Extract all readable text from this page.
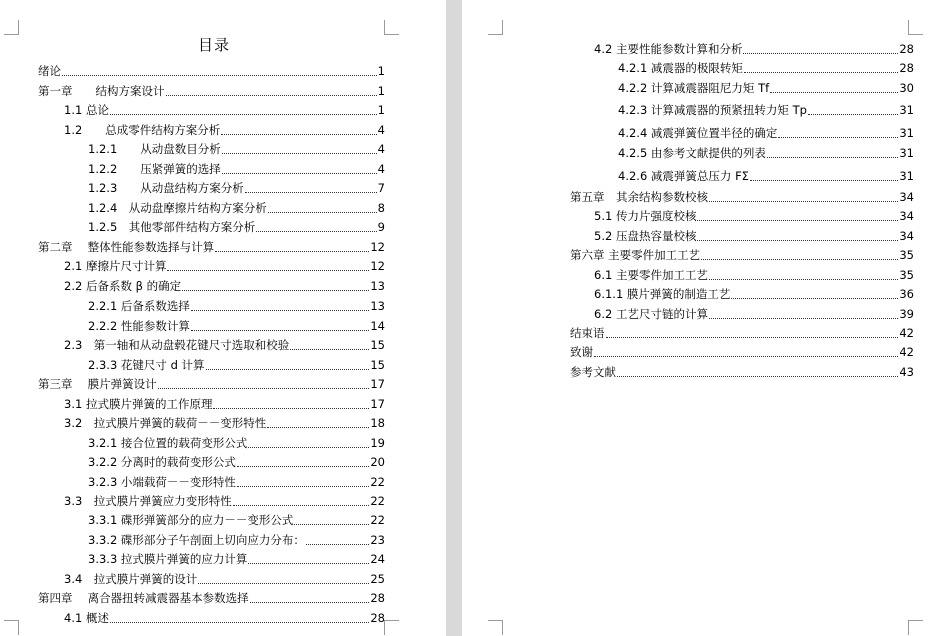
目录
绪论	1
第一章　　结构方案设计	1
1.1 总论	1
1.2　　总成零件结构方案分析	4
1.2.1　　从动盘数目分析	4
1.2.2　　压紧弹簧的选择	4
1.2.3　　从动盘结构方案分析	7
1.2.4　从动盘摩擦片结构方案分析	8
1.2.5　其他零部件结构方案分析	9
第二章　 整体性能参数选择与计算	12
2.1 摩擦片尺寸计算	12
2.2 后备系数 β 的确定	13
2.2.1 后备系数选择	13
2.2.2 性能参数计算	14
2.3　第一轴和从动盘毂花键尺寸选取和校验	15
2.3.3 花键尺寸 d 计算	15
第三章　 膜片弹簧设计	17
3.1 拉式膜片弹簧的工作原理	17
3.2　拉式膜片弹簧的载荷－－变形特性	18
3.2.1 接合位置的载荷变形公式	19
3.2.2 分离时的载荷变形公式	20
3.2.3 小端载荷－－变形特性	22
3.3　拉式膜片弹簧应力变形特性	22
3.3.1 碟形弹簧部分的应力－－变形公式	22
3.3.2 碟形部分子午剖面上切向应力分布：	23
3.3.3 拉式膜片弹簧的应力计算	24
3.4　拉式膜片弹簧的设计	25
第四章　 离合器扭转减震器基本参数选择	28
4.1 概述	28
4.2 主要性能参数计算和分析	28
4.2.1 减震器的极限转矩	28
4.2.2 计算减震器阻尼力矩 Tf	30
4.2.3 计算减震器的预紧扭转力矩 Tp	31
4.2.4 减震弹簧位置半径的确定	31
4.2.5 由参考文献提供的列表	31
4.2.6 减震弹簧总压力 FΣ	31
第五章　其余结构参数校核	34
5.1 传力片强度校核	34
5.2 压盘热容量校核	34
第六章 主要零件加工工艺	35
6.1 主要零件加工工艺	35
6.1.1 膜片弹簧的制造工艺	36
6.2 工艺尺寸链的计算	39
结束语	42
致谢	42
参考文献	43
